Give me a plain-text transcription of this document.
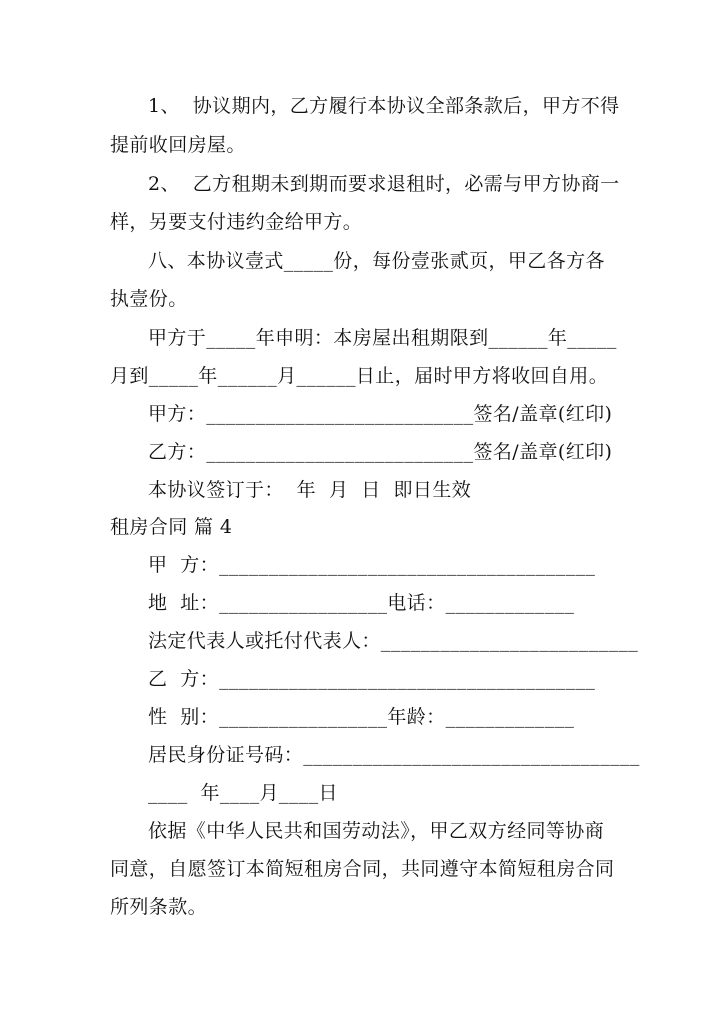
1、  协议期内，乙方履行本协议全部条款后，甲方不得
提前收回房屋。
2、  乙方租期未到期而要求退租时，必需与甲方协商一
样，另要支付违约金给甲方。
八、本协议壹式_____份，每份壹张贰页，甲乙各方各
执壹份。
甲方于_____年申明：本房屋出租期限到______年_____
月到_____年______月______日止，届时甲方将收回自用。
甲方：___________________________签名/盖章(红印)
乙方：___________________________签名/盖章(红印)
本协议签订于：  年  月  日  即日生效
租房合同 篇 4
甲  方：______________________________________
地  址：_________________电话：_____________
法定代表人或托付代表人：__________________________
乙  方：______________________________________
性  别：_________________年龄：_____________
居民身份证号码：__________________________________
____  年____月____日
依据《中华人民共和国劳动法》，甲乙双方经同等协商
同意，自愿签订本简短租房合同，共同遵守本简短租房合同
所列条款。
